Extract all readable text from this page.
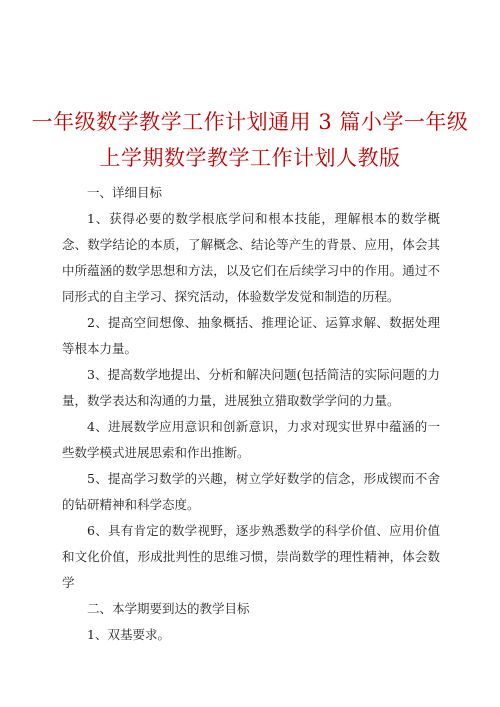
一年级数学教学工作计划通用 3 篇小学一年级
上学期数学教学工作计划人教版

一、详细目标

1、获得必要的数学根底学问和根本技能，理解根本的数学概念、数学结论的本质，了解概念、结论等产生的背景、应用，体会其中所蕴涵的数学思想和方法，以及它们在后续学习中的作用。通过不同形式的自主学习、探究活动，体验数学发觉和制造的历程。

2、提高空间想像、抽象概括、推理论证、运算求解、数据处理等根本力量。

3、提高数学地提出、分析和解决问题(包括简洁的实际问题的力量，数学表达和沟通的力量，进展独立猎取数学学问的力量。

4、进展数学应用意识和创新意识，力求对现实世界中蕴涵的一些数学模式进展思索和作出推断。

5、提高学习数学的兴趣，树立学好数学的信念，形成锲而不舍的钻研精神和科学态度。

6、具有肯定的数学视野，逐步熟悉数学的科学价值、应用价值和文化价值，形成批判性的思维习惯，崇尚数学的理性精神，体会数学

二、本学期要到达的教学目标

1、双基要求。
